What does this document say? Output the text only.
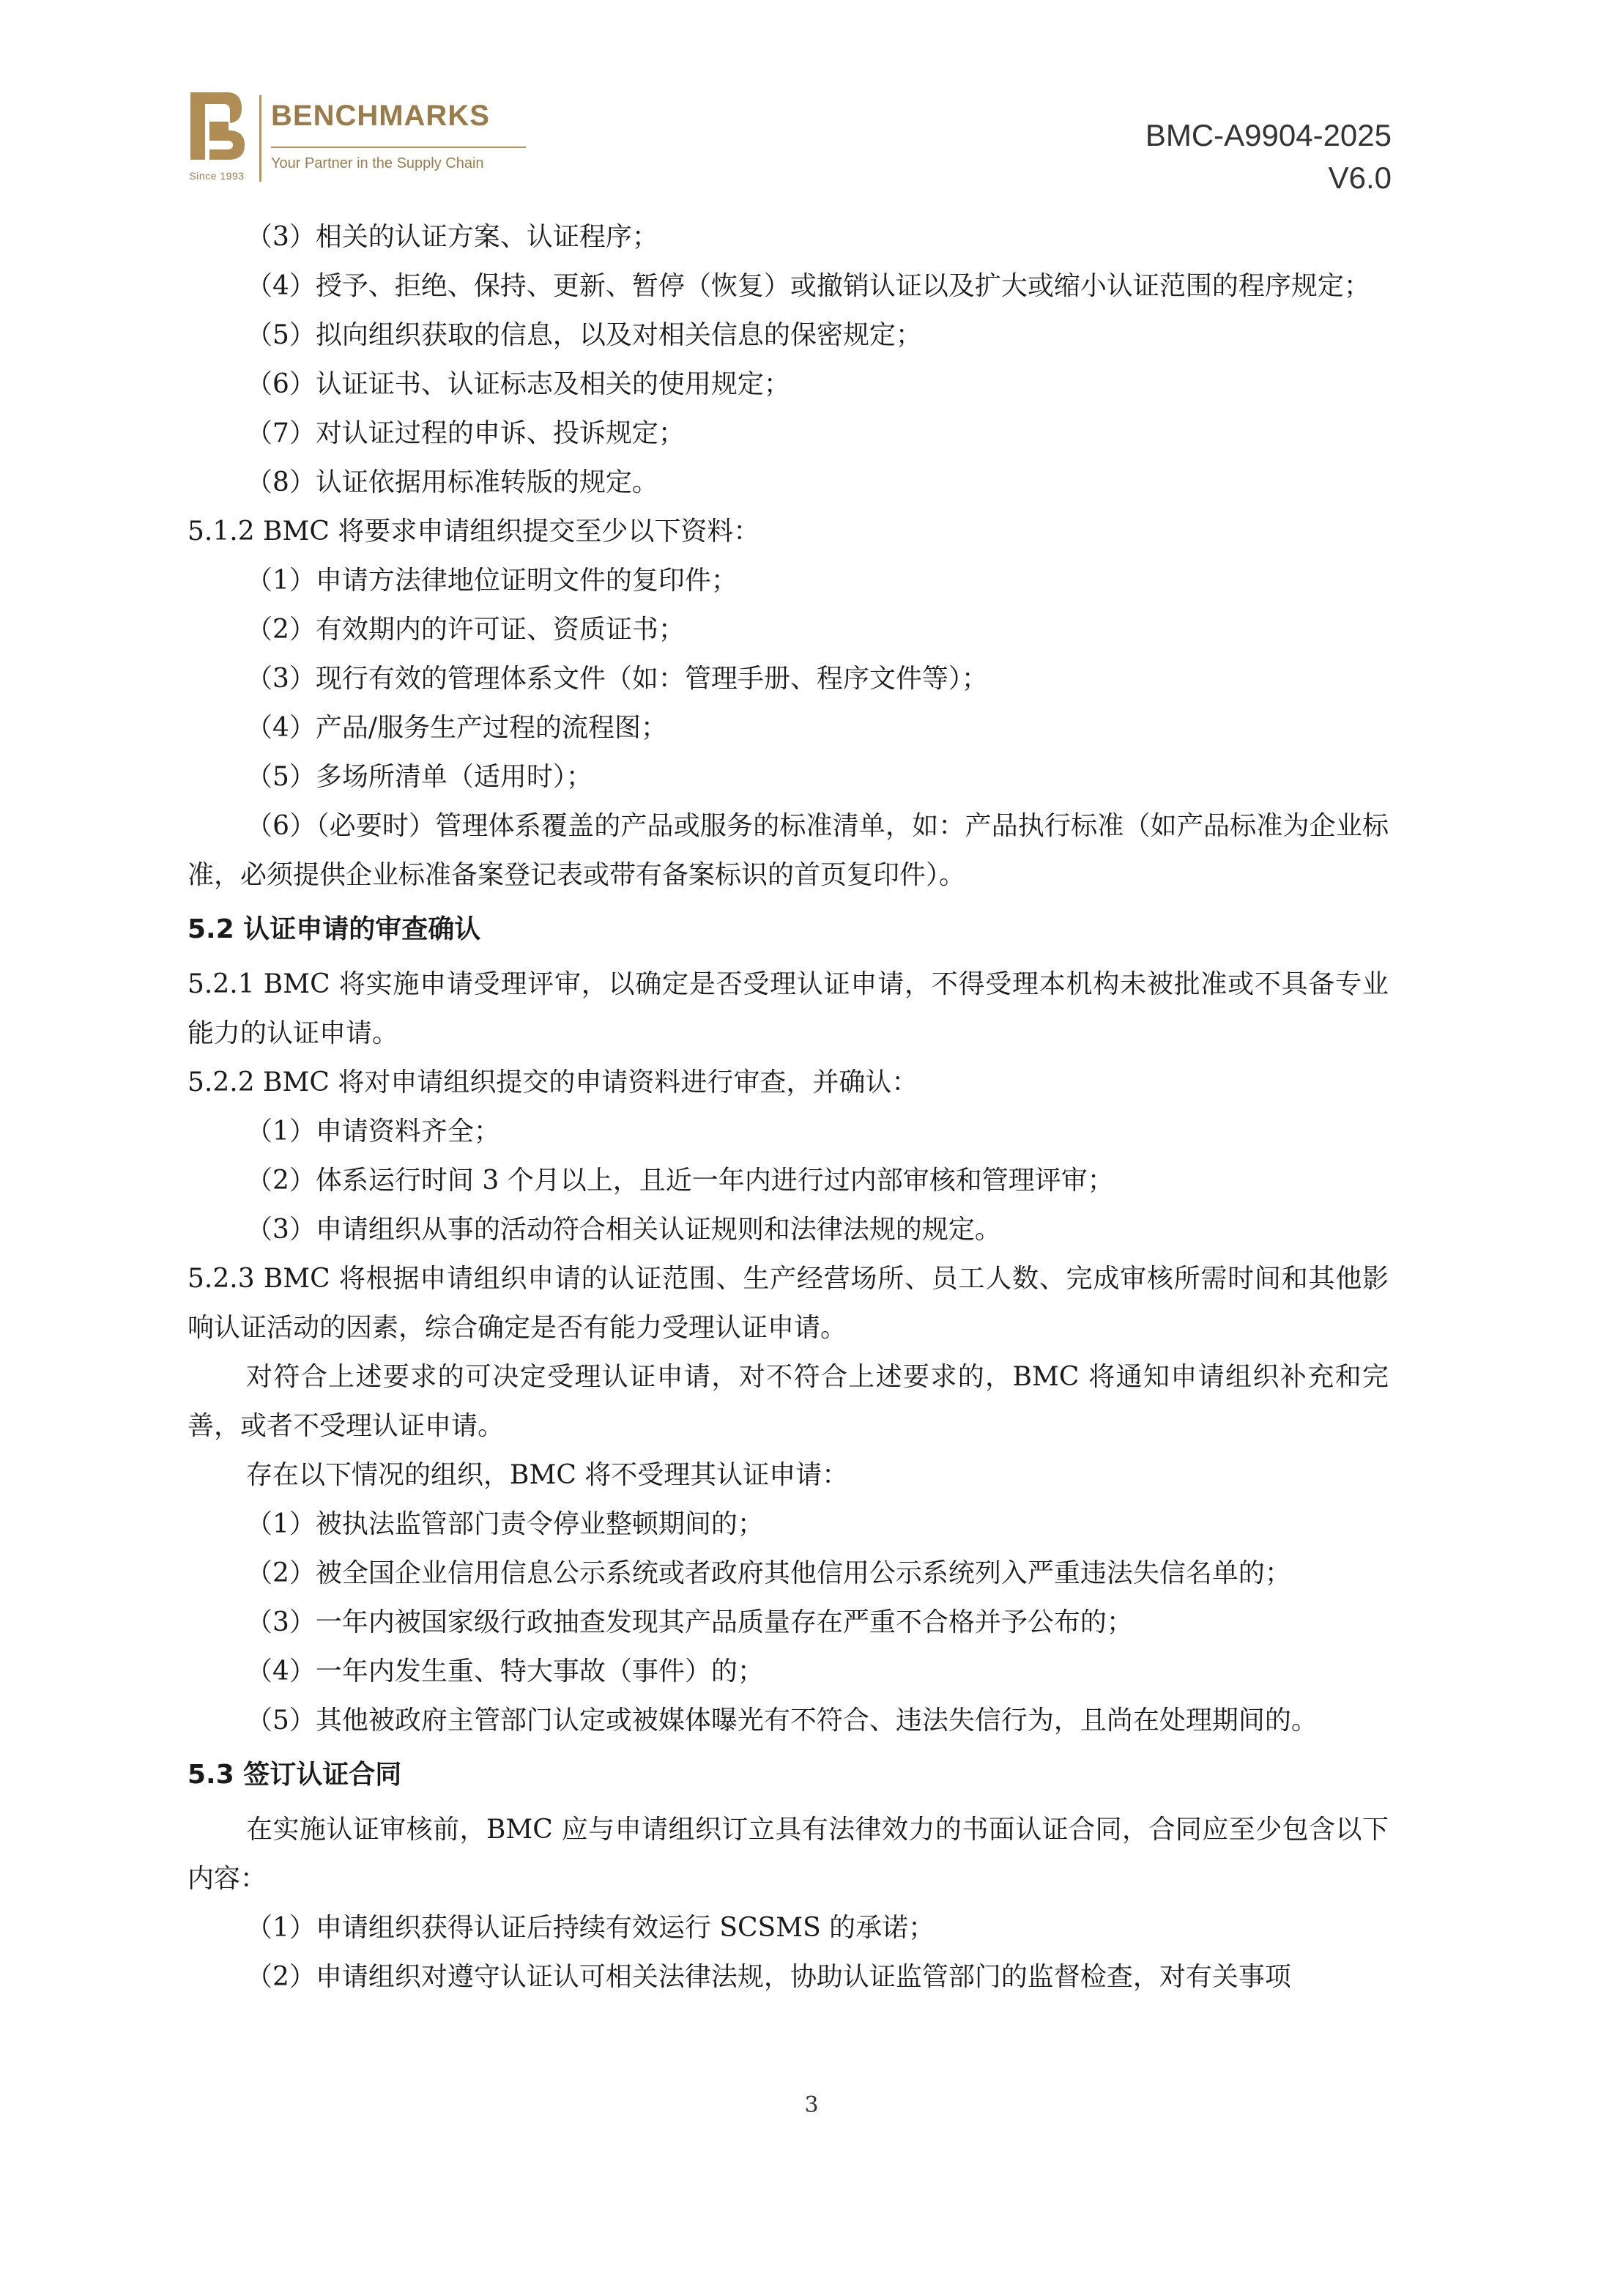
Since 1993
BENCHMARKS
Your Partner in the Supply Chain
BMC-A9904-2025
V6.0
（3）相关的认证方案、认证程序；
（4）授予、拒绝、保持、更新、暂停（恢复）或撤销认证以及扩大或缩小认证范围的程序规定；
（5）拟向组织获取的信息，以及对相关信息的保密规定；
（6）认证证书、认证标志及相关的使用规定；
（7）对认证过程的申诉、投诉规定；
（8）认证依据用标准转版的规定。
5.1.2 BMC 将要求申请组织提交至少以下资料：
（1）申请方法律地位证明文件的复印件；
（2）有效期内的许可证、资质证书；
（3）现行有效的管理体系文件（如：管理手册、程序文件等）；
（4）产品/服务生产过程的流程图；
（5）多场所清单（适用时）；
（6）（必要时）管理体系覆盖的产品或服务的标准清单，如：产品执行标准（如产品标准为企业标准，必须提供企业标准备案登记表或带有备案标识的首页复印件）。
5.2 认证申请的审查确认
5.2.1 BMC 将实施申请受理评审，以确定是否受理认证申请，不得受理本机构未被批准或不具备专业能力的认证申请。
5.2.2 BMC 将对申请组织提交的申请资料进行审查，并确认：
（1）申请资料齐全；
（2）体系运行时间 3 个月以上，且近一年内进行过内部审核和管理评审；
（3）申请组织从事的活动符合相关认证规则和法律法规的规定。
5.2.3 BMC 将根据申请组织申请的认证范围、生产经营场所、员工人数、完成审核所需时间和其他影响认证活动的因素，综合确定是否有能力受理认证申请。
对符合上述要求的可决定受理认证申请，对不符合上述要求的，BMC 将通知申请组织补充和完善，或者不受理认证申请。
存在以下情况的组织，BMC 将不受理其认证申请：
（1）被执法监管部门责令停业整顿期间的；
（2）被全国企业信用信息公示系统或者政府其他信用公示系统列入严重违法失信名单的；
（3）一年内被国家级行政抽查发现其产品质量存在严重不合格并予公布的；
（4）一年内发生重、特大事故（事件）的；
（5）其他被政府主管部门认定或被媒体曝光有不符合、违法失信行为，且尚在处理期间的。
5.3 签订认证合同
在实施认证审核前，BMC 应与申请组织订立具有法律效力的书面认证合同，合同应至少包含以下内容：
（1）申请组织获得认证后持续有效运行 SCSMS 的承诺；
（2）申请组织对遵守认证认可相关法律法规，协助认证监管部门的监督检查，对有关事项
3
